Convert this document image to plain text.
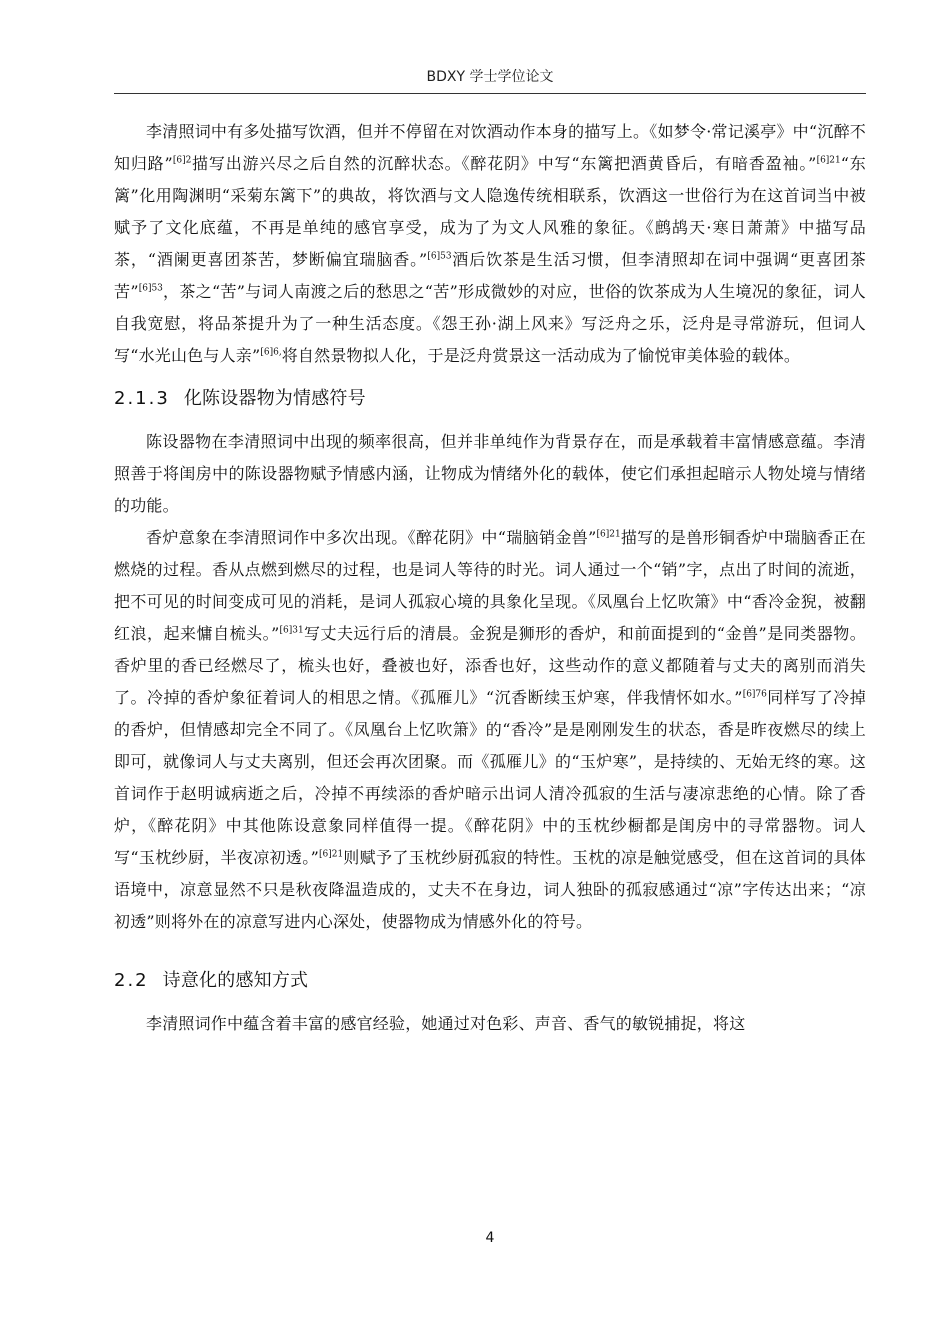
BDXY 学士学位论文

李清照词中有多处描写饮酒，但并不停留在对饮酒动作本身的描写上。《如梦令·常记溪亭》中“沉醉不知归路”$^{[6]2}$描写出游兴尽之后自然的沉醉状态。《醉花阴》中写“东篱把酒黄昏后，有暗香盈袖。”$^{[6]21}$“东篱”化用陶渊明“采菊东篱下”的典故，将饮酒与文人隐逸传统相联系，饮酒这一世俗行为在这首词当中被赋予了文化底蕴，不再是单纯的感官享受，成为了为文人风雅的象征。《鹧鸪天·寒日萧萧》中描写品茶，“酒阑更喜团茶苦，梦断偏宜瑞脑香。”$^{[6]53}$酒后饮茶是生活习惯，但李清照却在词中强调“更喜团茶苦”$^{[6]53}$，茶之“苦”与词人南渡之后的愁思之“苦”形成微妙的对应，世俗的饮茶成为人生境况的象征，词人自我宽慰，将品茶提升为了一种生活态度。《怨王孙·湖上风来》写泛舟之乐，泛舟是寻常游玩，但词人写“水光山色与人亲”$^{[6]6,}$将自然景物拟人化，于是泛舟赏景这一活动成为了愉悦审美体验的载体。

2.1.3 化陈设器物为情感符号

陈设器物在李清照词中出现的频率很高，但并非单纯作为背景存在，而是承载着丰富情感意蕴。李清照善于将闺房中的陈设器物赋予情感内涵，让物成为情绪外化的载体，使它们承担起暗示人物处境与情绪的功能。

香炉意象在李清照词作中多次出现。《醉花阴》中“瑞脑销金兽”$^{[6]21}$描写的是兽形铜香炉中瑞脑香正在燃烧的过程。香从点燃到燃尽的过程，也是词人等待的时光。词人通过一个“销”字，点出了时间的流逝，把不可见的时间变成可见的消耗，是词人孤寂心境的具象化呈现。《凤凰台上忆吹箫》中“香冷金猊，被翻红浪，起来慵自梳头。”$^{[6]31}$写丈夫远行后的清晨。金猊是狮形的香炉，和前面提到的“金兽”是同类器物。香炉里的香已经燃尽了，梳头也好，叠被也好，添香也好，这些动作的意义都随着与丈夫的离别而消失了。冷掉的香炉象征着词人的相思之情。《孤雁儿》“沉香断续玉炉寒，伴我情怀如水。”$^{[6]76}$同样写了冷掉的香炉，但情感却完全不同了。《凤凰台上忆吹箫》的“香冷”是是刚刚发生的状态，香是昨夜燃尽的续上即可，就像词人与丈夫离别，但还会再次团聚。而《孤雁儿》的“玉炉寒”，是持续的、无始无终的寒。这首词作于赵明诚病逝之后，冷掉不再续添的香炉暗示出词人清冷孤寂的生活与凄凉悲绝的心情。除了香炉，《醉花阴》中其他陈设意象同样值得一提。《醉花阴》中的玉枕纱橱都是闺房中的寻常器物。词人写“玉枕纱厨，半夜凉初透。”$^{[6]21}$则赋予了玉枕纱厨孤寂的特性。玉枕的凉是触觉感受，但在这首词的具体语境中，凉意显然不只是秋夜降温造成的，丈夫不在身边，词人独卧的孤寂感通过“凉”字传达出来；“凉初透”则将外在的凉意写进内心深处，使器物成为情感外化的符号。

2.2 诗意化的感知方式

李清照词作中蕴含着丰富的感官经验，她通过对色彩、声音、香气的敏锐捕捉，将这

4
